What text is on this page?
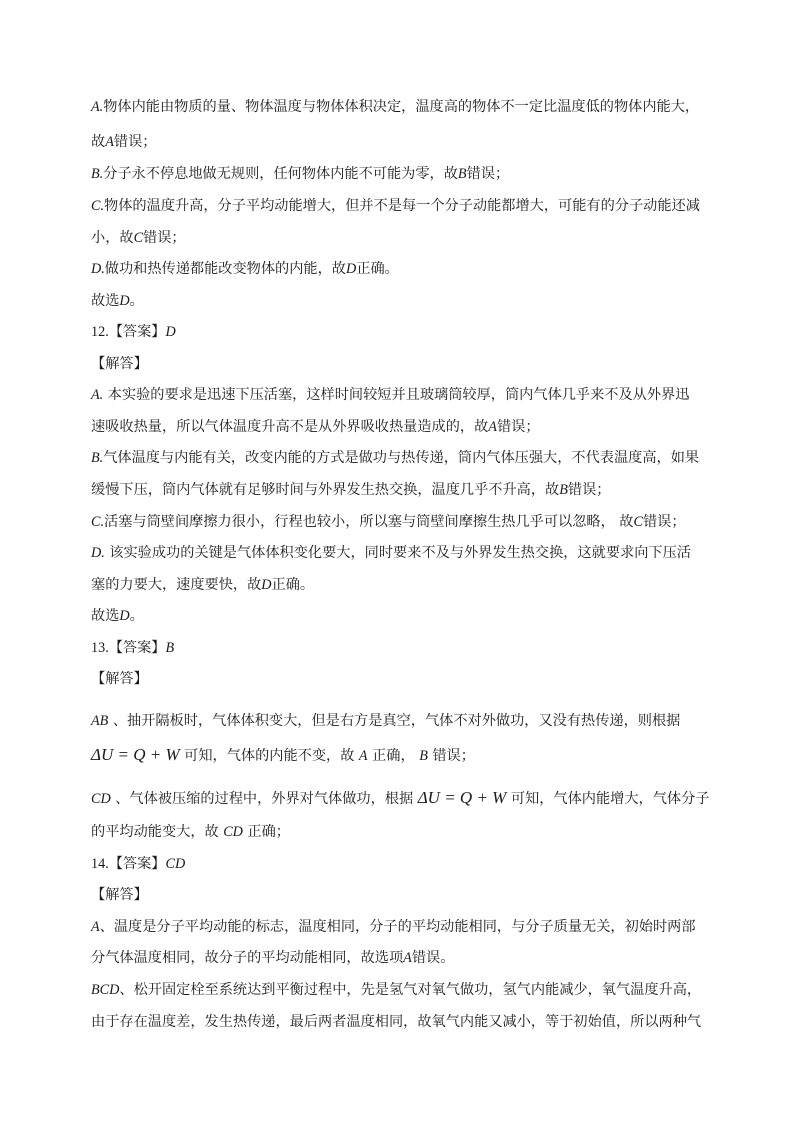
A.物体内能由物质的量、物体温度与物体体积决定，温度高的物体不一定比温度低的物体内能大，
故A错误；
B.分子永不停息地做无规则，任何物体内能不可能为零，故B错误；
C.物体的温度升高，分子平均动能增大，但并不是每一个分子动能都增大，可能有的分子动能还减
小，故C错误；
D.做功和热传递都能改变物体的内能，故D正确。
故选D。
12.【答案】D
【解答】
A. 本实验的要求是迅速下压活塞，这样时间较短并且玻璃筒较厚，筒内气体几乎来不及从外界迅
速吸收热量，所以气体温度升高不是从外界吸收热量造成的，故A错误；
B.气体温度与内能有关，改变内能的方式是做功与热传递，筒内气体压强大，不代表温度高，如果
缓慢下压，筒内气体就有足够时间与外界发生热交换，温度几乎不升高，故B错误；
C.活塞与筒壁间摩擦力很小，行程也较小，所以塞与筒壁间摩擦生热几乎可以忽略， 故C错误；
D. 该实验成功的关键是气体体积变化要大，同时要来不及与外界发生热交换，这就要求向下压活
塞的力要大，速度要快，故D正确。
故选D。
13.【答案】B
【解答】
AB 、抽开隔板时，气体体积变大，但是右方是真空，气体不对外做功，又没有热传递，则根据
ΔU = Q + W 可知，气体的内能不变，故 A 正确， B 错误；
CD 、气体被压缩的过程中，外界对气体做功，根据 ΔU = Q + W 可知，气体内能增大，气体分子
的平均动能变大，故 CD 正确；
14.【答案】CD
【解答】
A、温度是分子平均动能的标志，温度相同，分子的平均动能相同，与分子质量无关，初始时两部
分气体温度相同，故分子的平均动能相同，故选项A错误。
BCD、松开固定栓至系统达到平衡过程中，先是氢气对氧气做功，氢气内能减少，氧气温度升高，
由于存在温度差，发生热传递，最后两者温度相同，故氧气内能又减小，等于初始值，所以两种气
